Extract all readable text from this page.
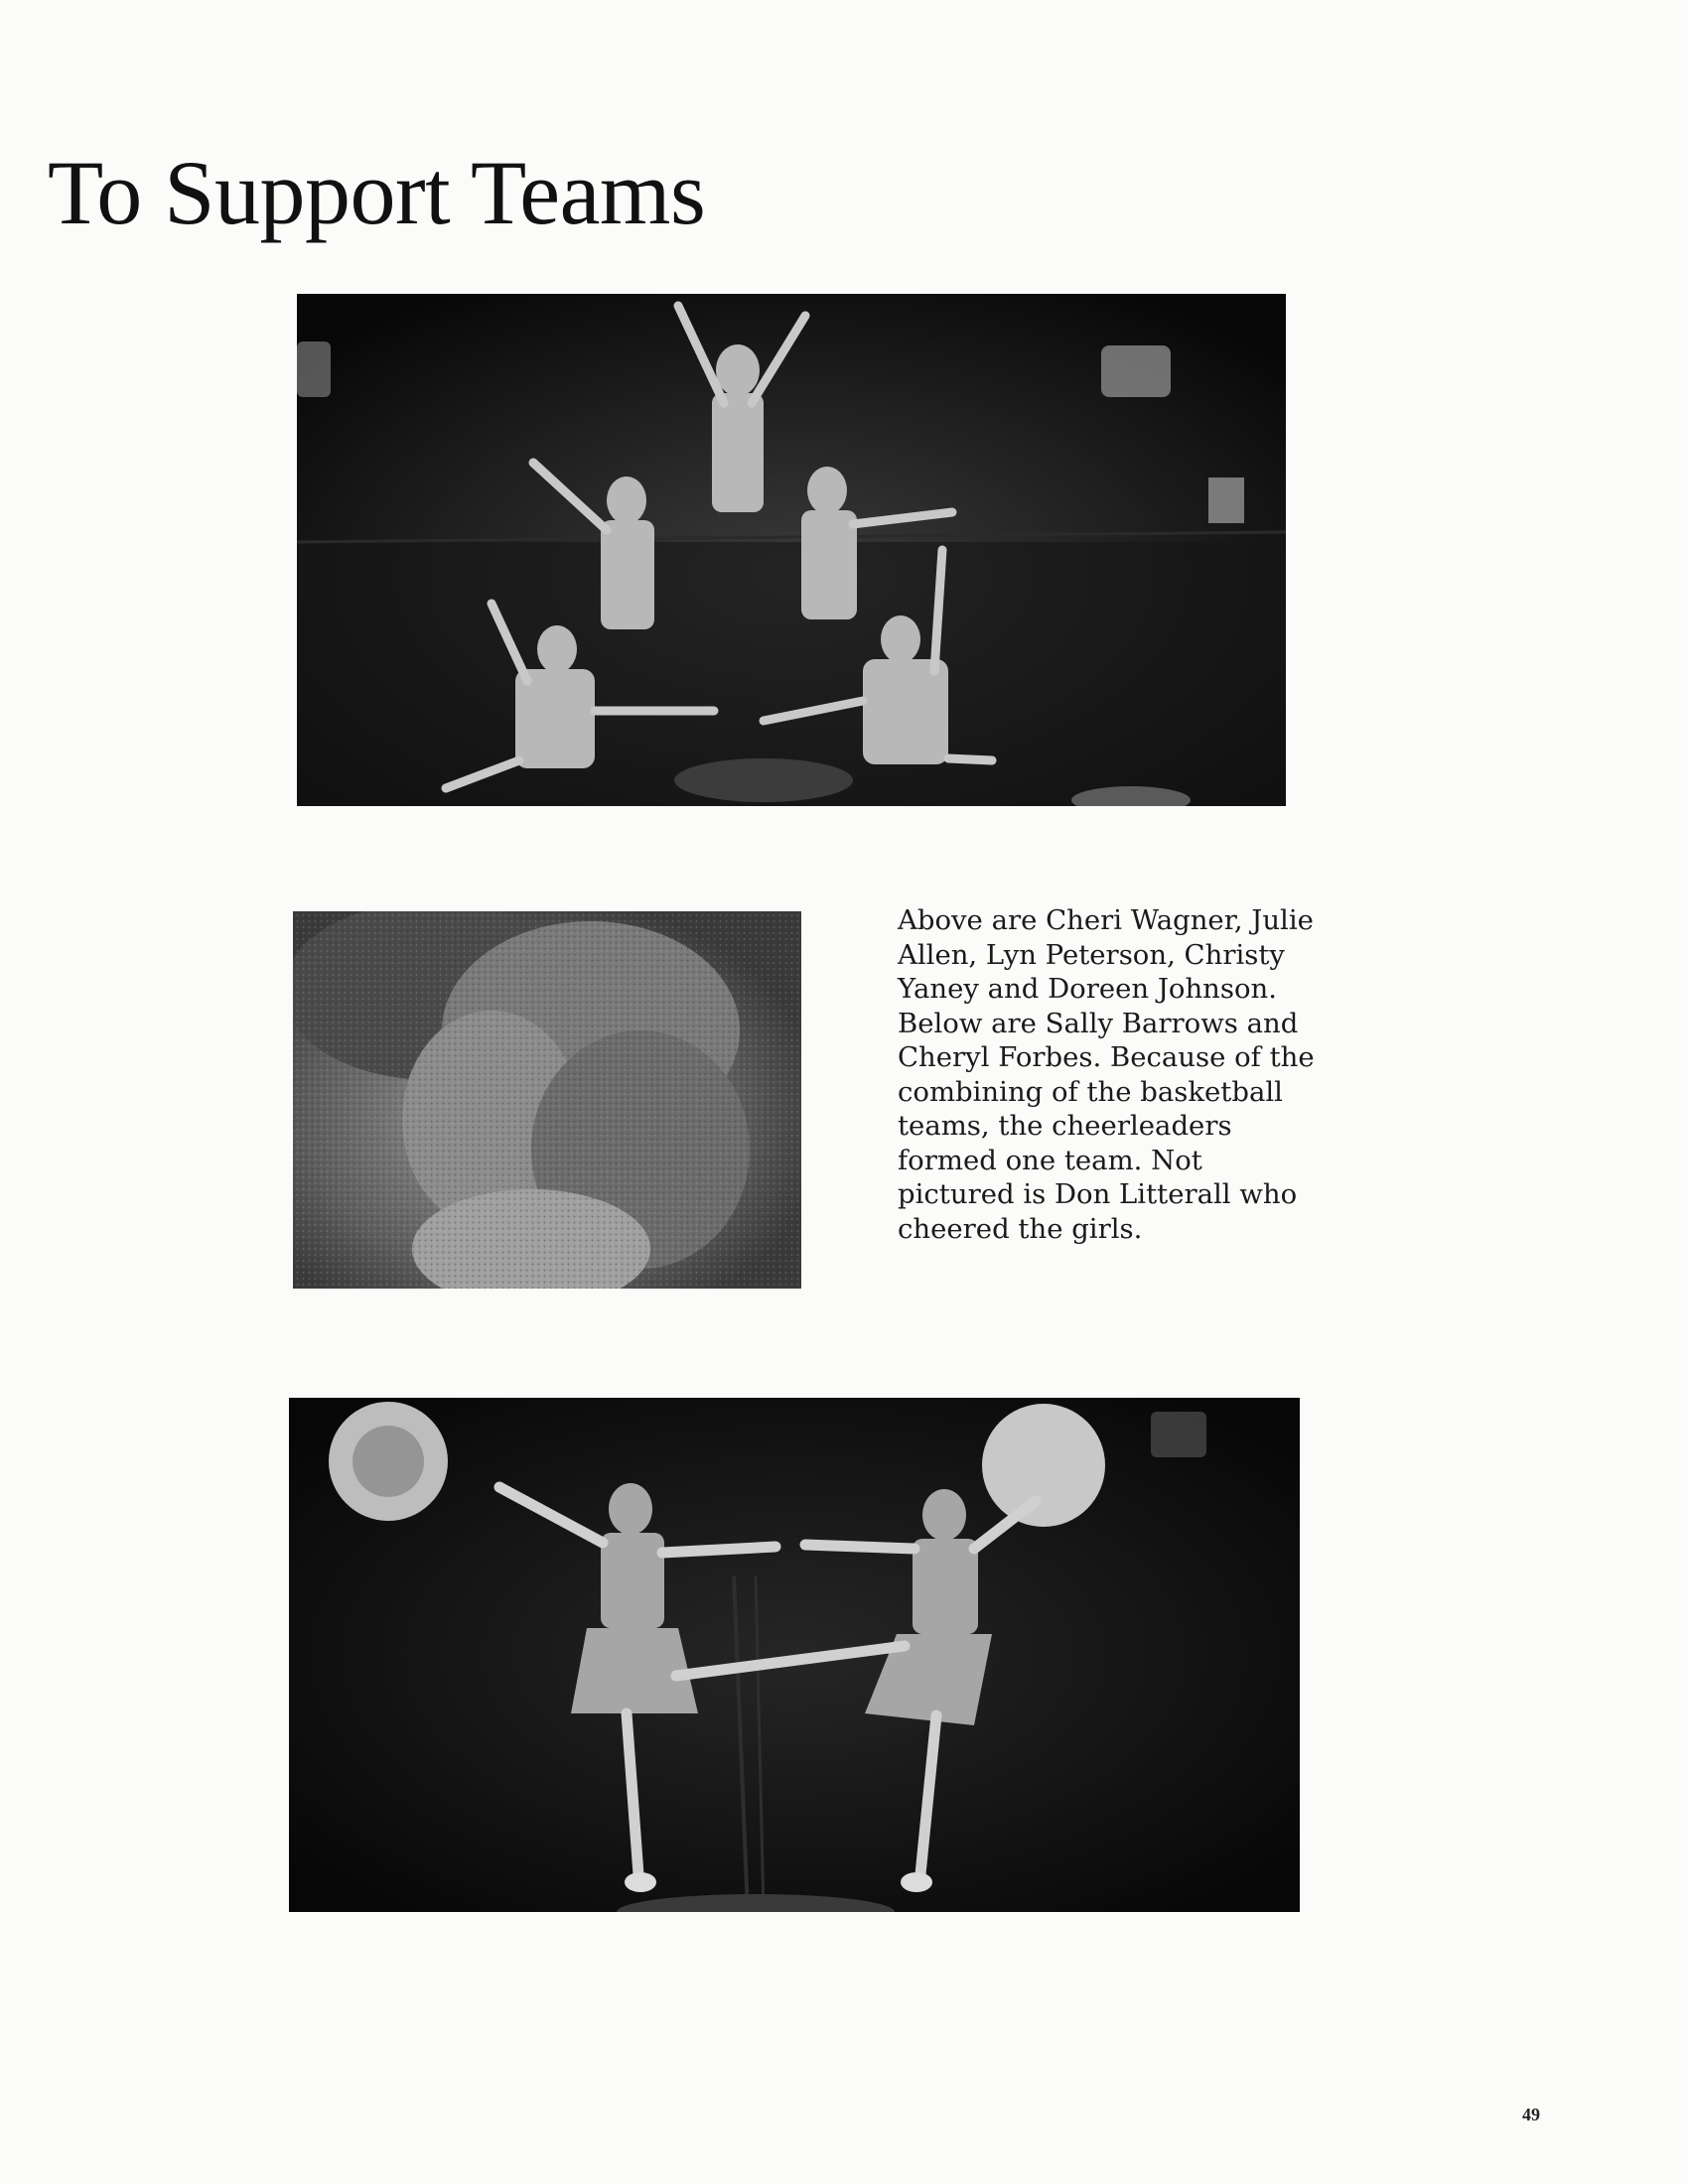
To Support Teams

Above are Cheri Wagner, Julie Allen, Lyn Peterson, Christy Yaney and Doreen Johnson. Below are Sally Barrows and Cheryl Forbes. Because of the combining of the basketball teams, the cheerleaders formed one team. Not pictured is Don Litterall who cheered the girls.

49
